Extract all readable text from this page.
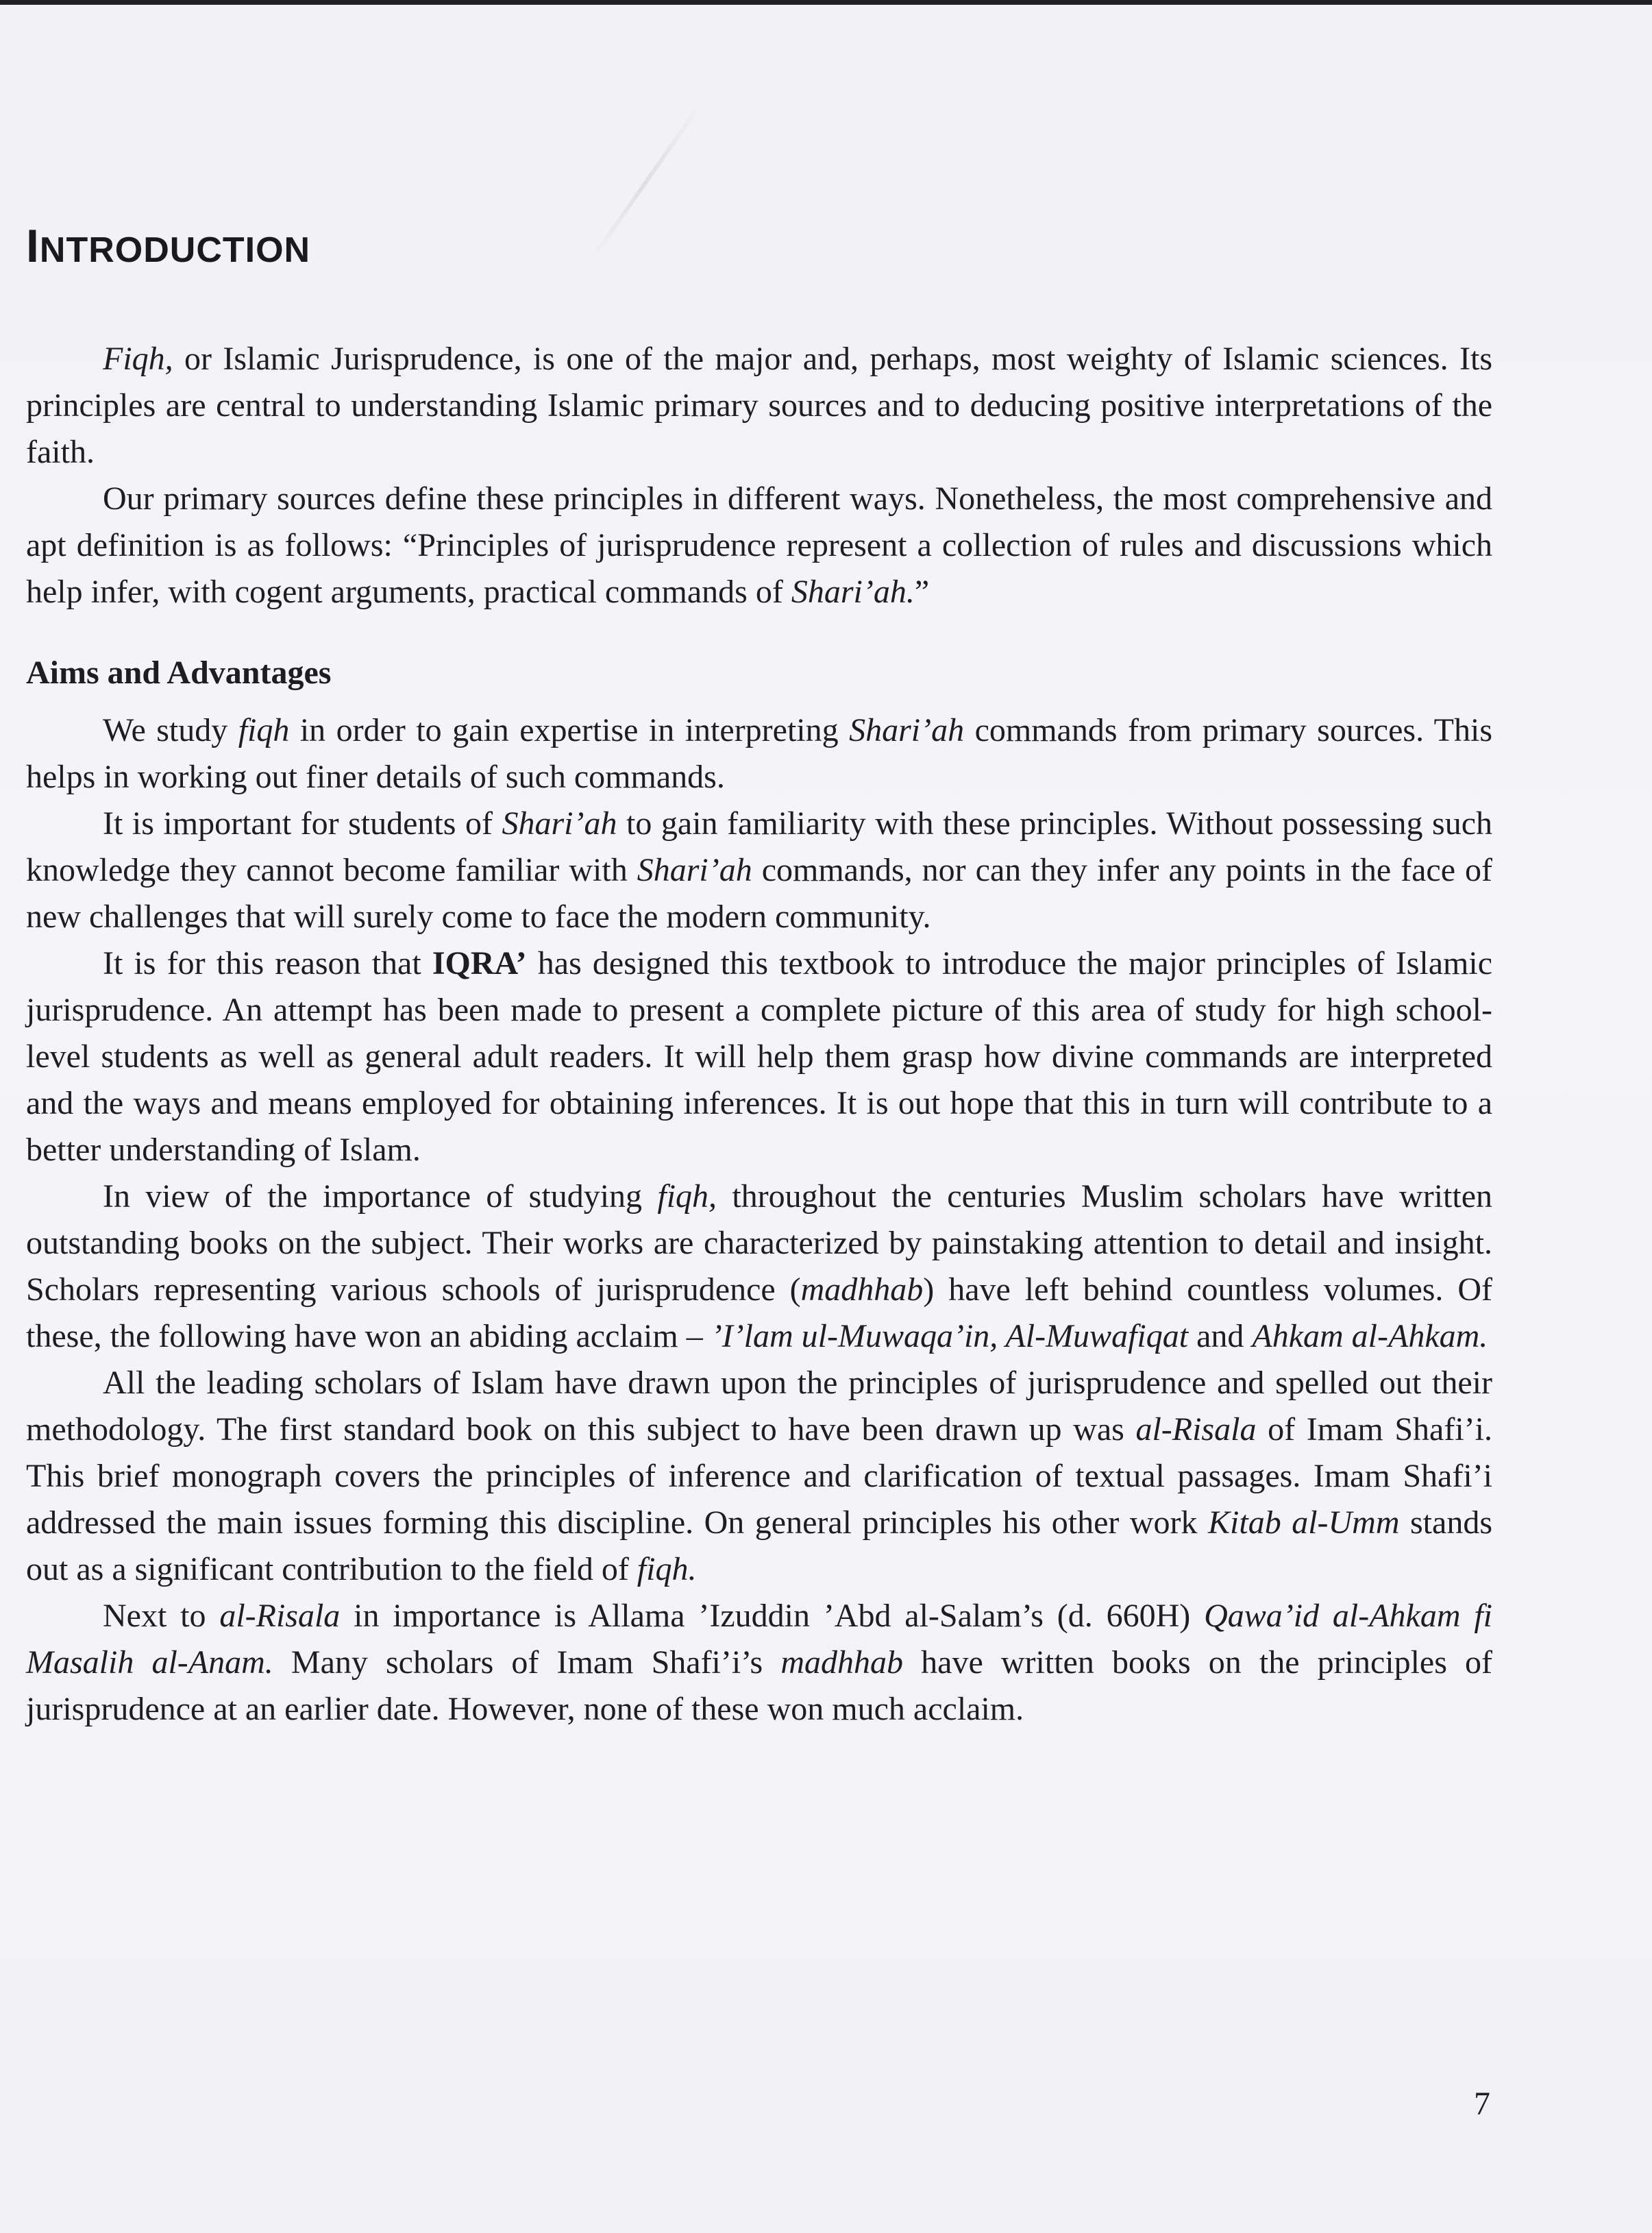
INTRODUCTION

Fiqh, or Islamic Jurisprudence, is one of the major and, perhaps, most weighty of Islamic sciences. Its principles are central to understanding Islamic primary sources and to deducing positive interpretations of the faith.

Our primary sources define these principles in different ways. Nonetheless, the most comprehensive and apt definition is as follows: “Principles of jurisprudence represent a collection of rules and discussions which help infer, with cogent arguments, practical commands of Shari’ah.”

Aims and Advantages

We study fiqh in order to gain expertise in interpreting Shari’ah commands from primary sources. This helps in working out finer details of such commands.

It is important for students of Shari’ah to gain familiarity with these principles. Without possessing such knowledge they cannot become familiar with Shari’ah commands, nor can they infer any points in the face of new challenges that will surely come to face the modern community.

It is for this reason that IQRA’ has designed this textbook to introduce the major principles of Islamic jurisprudence. An attempt has been made to present a complete picture of this area of study for high school-level students as well as general adult readers. It will help them grasp how divine commands are interpreted and the ways and means employed for obtaining inferences. It is out hope that this in turn will contribute to a better understanding of Islam.

In view of the importance of studying fiqh, throughout the centuries Muslim scholars have written outstanding books on the subject. Their works are characterized by painstaking attention to detail and insight. Scholars representing various schools of jurisprudence (madhhab) have left behind countless volumes. Of these, the following have won an abiding acclaim – ’I’lam ul-Muwaqa’in, Al-Muwafiqat and Ahkam al-Ahkam.

All the leading scholars of Islam have drawn upon the principles of jurisprudence and spelled out their methodology. The first standard book on this subject to have been drawn up was al-Risala of Imam Shafi’i. This brief monograph covers the principles of inference and clarification of textual passages. Imam Shafi’i addressed the main issues forming this discipline. On general principles his other work Kitab al-Umm stands out as a significant contribution to the field of fiqh.

Next to al-Risala in importance is Allama ’Izuddin ’Abd al-Salam’s (d. 660H) Qawa’id al-Ahkam fi Masalih al-Anam. Many scholars of Imam Shafi’i’s madhhab have written books on the principles of jurisprudence at an earlier date. However, none of these won much acclaim.

7
